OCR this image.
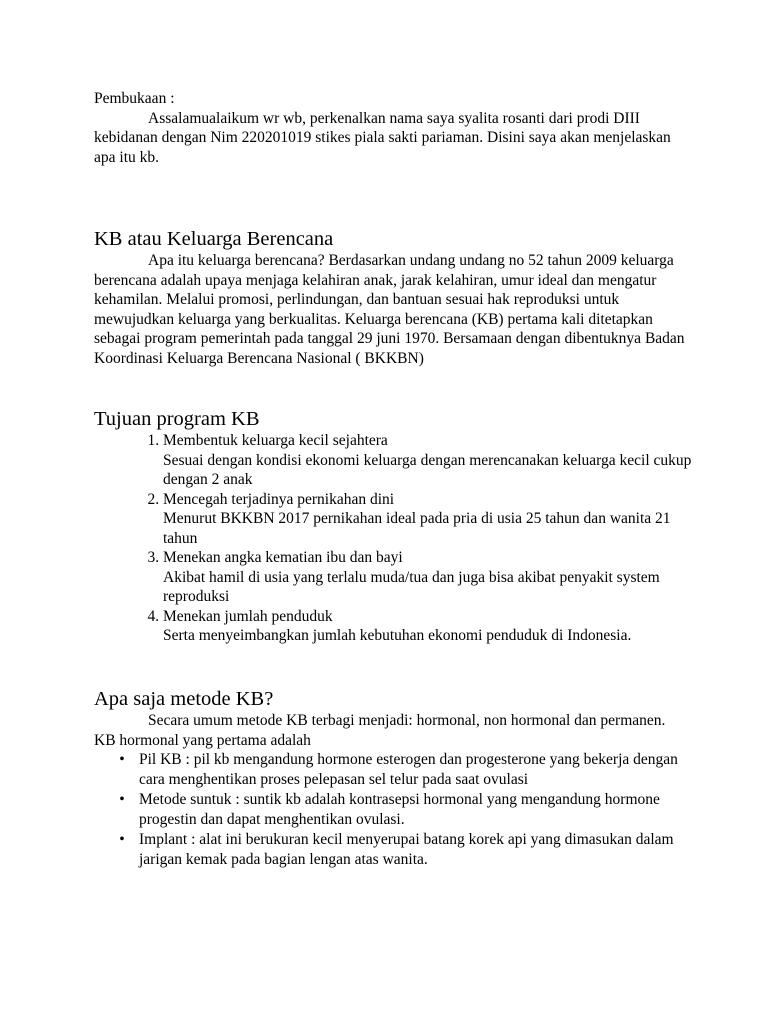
Pembukaan :

Assalamualaikum wr wb, perkenalkan nama saya syalita rosanti dari prodi DIII kebidanan dengan Nim 220201019 stikes piala sakti pariaman. Disini saya akan menjelaskan apa itu kb.

KB atau Keluarga Berencana

Apa itu keluarga berencana? Berdasarkan undang undang no 52 tahun 2009 keluarga berencana adalah upaya menjaga kelahiran anak, jarak kelahiran, umur ideal dan mengatur kehamilan. Melalui promosi, perlindungan, dan bantuan sesuai hak reproduksi untuk mewujudkan keluarga yang berkualitas. Keluarga berencana (KB) pertama kali ditetapkan sebagai program pemerintah pada tanggal 29 juni 1970. Bersamaan dengan dibentuknya Badan Koordinasi Keluarga Berencana Nasional ( BKKBN)

Tujuan program KB
1. Membentuk keluarga kecil sejahtera
Sesuai dengan kondisi ekonomi keluarga dengan merencanakan keluarga kecil cukup dengan 2 anak
2. Mencegah terjadinya pernikahan dini
Menurut BKKBN 2017 pernikahan ideal pada pria di usia 25 tahun dan wanita 21 tahun
3. Menekan angka kematian ibu dan bayi
Akibat hamil di usia yang terlalu muda/tua dan juga bisa akibat penyakit system reproduksi
4. Menekan jumlah penduduk
Serta menyeimbangkan jumlah kebutuhan ekonomi penduduk di Indonesia.
Apa saja metode KB?

Secara umum metode KB terbagi menjadi: hormonal, non hormonal dan permanen.

KB hormonal yang pertama adalah

• Pil KB : pil kb mengandung hormone esterogen dan progesterone yang bekerja dengan cara menghentikan proses pelepasan sel telur pada saat ovulasi
• Metode suntuk : suntik kb adalah kontrasepsi hormonal yang mengandung hormone progestin dan dapat menghentikan ovulasi.
• Implant : alat ini berukuran kecil menyerupai batang korek api yang dimasukan dalam jarigan kemak pada bagian lengan atas wanita.
